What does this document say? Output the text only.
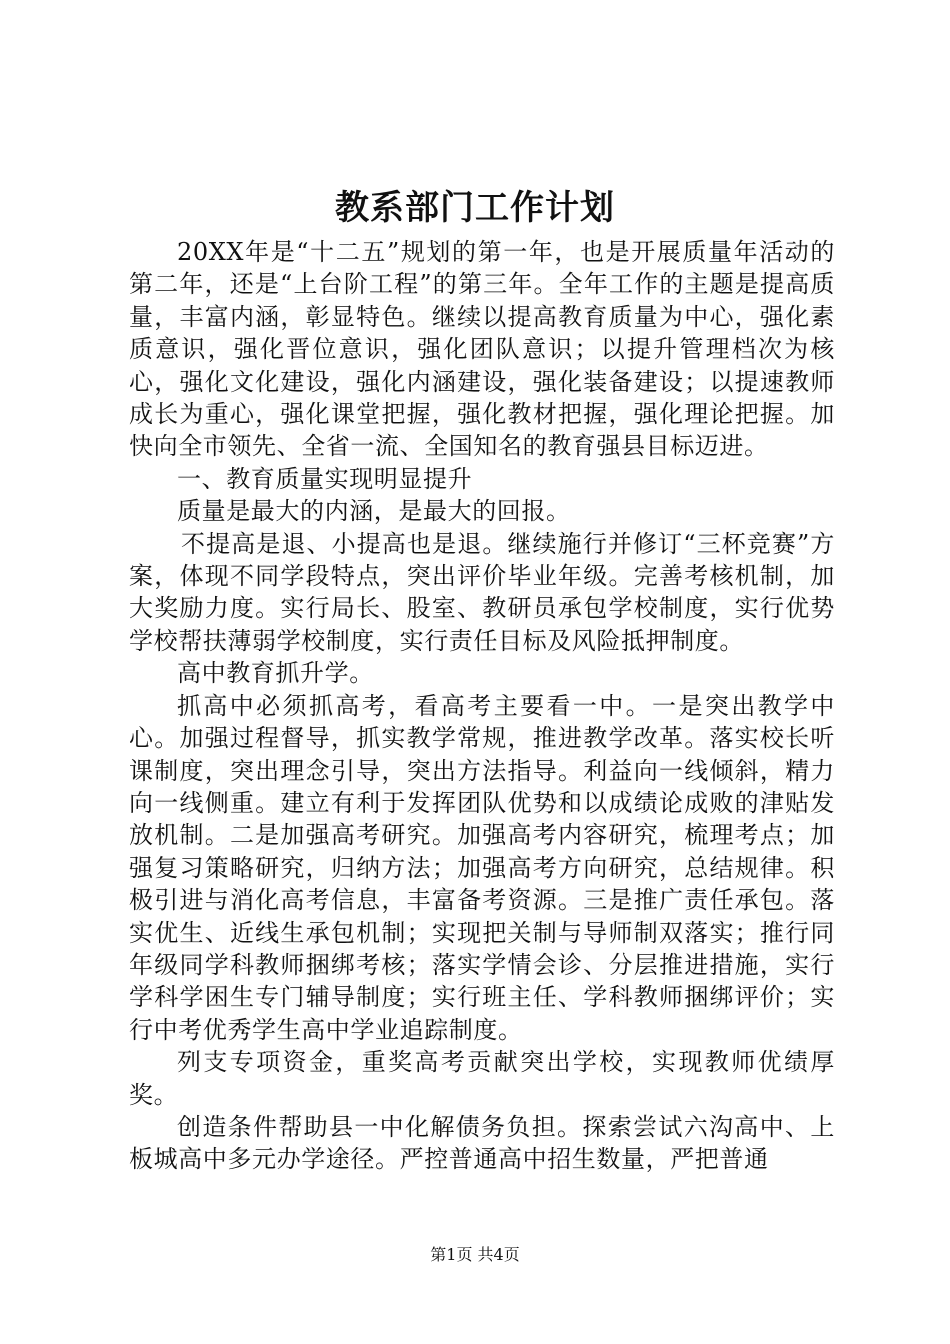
教系部门工作计划

20XX年是“十二五”规划的第一年，也是开展质量年活动的第二年，还是“上台阶工程”的第三年。全年工作的主题是提高质量，丰富内涵，彰显特色。继续以提高教育质量为中心，强化素质意识，强化晋位意识，强化团队意识；以提升管理档次为核心，强化文化建设，强化内涵建设，强化装备建设；以提速教师成长为重心，强化课堂把握，强化教材把握，强化理论把握。加快向全市领先、全省一流、全国知名的教育强县目标迈进。

一、教育质量实现明显提升

质量是最大的内涵，是最大的回报。

不提高是退、小提高也是退。继续施行并修订“三杯竞赛”方案，体现不同学段特点，突出评价毕业年级。完善考核机制，加大奖励力度。实行局长、股室、教研员承包学校制度，实行优势学校帮扶薄弱学校制度，实行责任目标及风险抵押制度。

高中教育抓升学。

抓高中必须抓高考，看高考主要看一中。一是突出教学中心。加强过程督导，抓实教学常规，推进教学改革。落实校长听课制度，突出理念引导，突出方法指导。利益向一线倾斜，精力向一线侧重。建立有利于发挥团队优势和以成绩论成败的津贴发放机制。二是加强高考研究。加强高考内容研究，梳理考点；加强复习策略研究，归纳方法；加强高考方向研究，总结规律。积极引进与消化高考信息，丰富备考资源。三是推广责任承包。落实优生、近线生承包机制；实现把关制与导师制双落实；推行同年级同学科教师捆绑考核；落实学情会诊、分层推进措施，实行学科学困生专门辅导制度；实行班主任、学科教师捆绑评价；实行中考优秀学生高中学业追踪制度。

列支专项资金，重奖高考贡献突出学校，实现教师优绩厚奖。

创造条件帮助县一中化解债务负担。探索尝试六沟高中、上板城高中多元办学途径。严控普通高中招生数量，严把普通

第1页 共4页
